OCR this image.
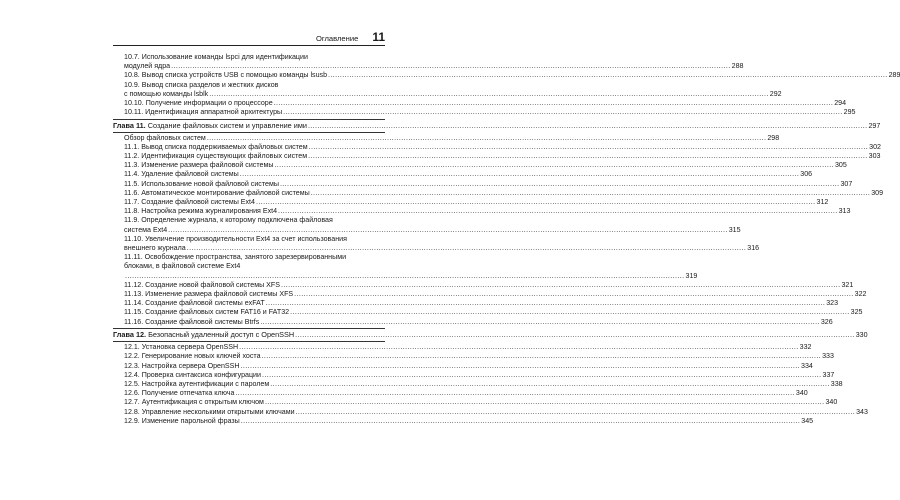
Оглавление 11
10.7. Использование команды lspci для идентификации
модулей ядра .....	288
10.8. Вывод списка устройств USB с помощью команды lsusb .....	289
10.9. Вывод списка разделов и жестких дисков
с помощью команды lsblk .....	292
10.10. Получение информации о процессоре .....	294
10.11. Идентификация аппаратной архитектуры .....	295
Глава 11. Создание файловых систем и управление ими .....	297
Обзор файловых систем .....	298
11.1. Вывод списка поддерживаемых файловых систем .....	302
11.2. Идентификация существующих файловых систем .....	303
11.3. Изменение размера файловой системы .....	305
11.4. Удаление файловой системы .....	306
11.5. Использование новой файловой системы .....	307
11.6. Автоматическое монтирование файловой системы .....	309
11.7. Создание файловой системы Ext4 .....	312
11.8. Настройка режима журналирования Ext4 .....	313
11.9. Определение журнала, к которому подключена файловая
система Ext4 .....	315
11.10. Увеличение производительности Ext4 за счет использования
внешнего журнала .....	316
11.11. Освобождение пространства, занятого зарезервированными
блоками, в файловой системе Ext4
.....
319
11.12. Создание новой файловой системы XFS .....	321
11.13. Изменение размера файловой системы XFS .....	322
11.14. Создание файловой системы exFAT .....	323
11.15. Создание файловых систем FAT16 и FAT32 .....	325
11.16. Создание файловой системы Btrfs .....	326
Глава 12. Безопасный удаленный доступ с OpenSSH .....	330
12.1. Установка сервера OpenSSH .....	332
12.2. Генерирование новых ключей хоста .....	333
12.3. Настройка сервера OpenSSH .....	334
12.4. Проверка синтаксиса конфигурации .....	337
12.5. Настройка аутентификации с паролем .....	338
12.6. Получение отпечатка ключа .....	340
12.7. Аутентификация с открытым ключом .....	340
12.8. Управление несколькими открытыми ключами .....	343
12.9. Изменение парольной фразы .....	345
